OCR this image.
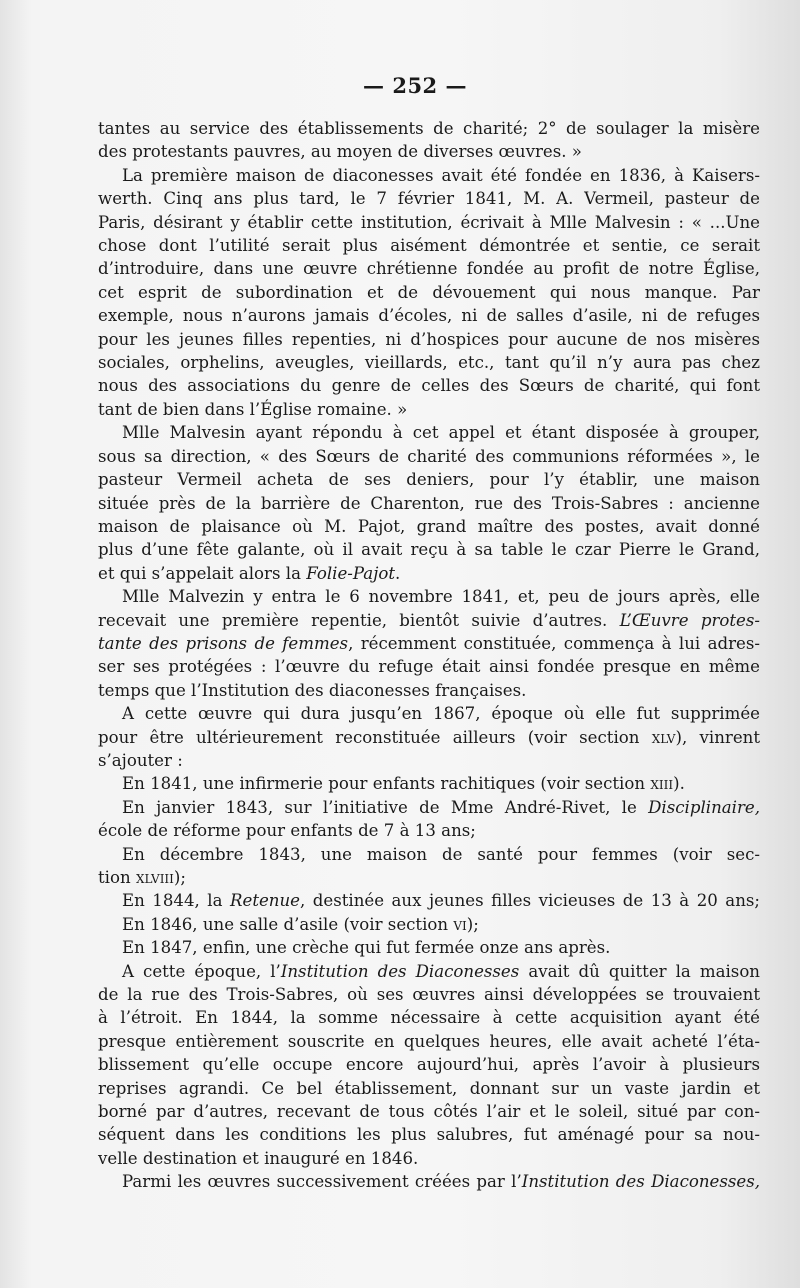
— 252 —
tantes au service des établissements de charité; 2° de soulager la misère
des protestants pauvres, au moyen de diverses œuvres. »
La première maison de diaconesses avait été fondée en 1836, à Kaisers-
werth. Cinq ans plus tard, le 7 février 1841, M. A. Vermeil, pasteur de
Paris, désirant y établir cette institution, écrivait à Mlle Malvesin : « ...Une
chose dont l’utilité serait plus aisément démontrée et sentie, ce serait
d’introduire, dans une œuvre chrétienne fondée au profit de notre Église,
cet esprit de subordination et de dévouement qui nous manque. Par
exemple, nous n’aurons jamais d’écoles, ni de salles d’asile, ni de refuges
pour les jeunes filles repenties, ni d’hospices pour aucune de nos misères
sociales, orphelins, aveugles, vieillards, etc., tant qu’il n’y aura pas chez
nous des associations du genre de celles des Sœurs de charité, qui font
tant de bien dans l’Église romaine. »
Mlle Malvesin ayant répondu à cet appel et étant disposée à grouper,
sous sa direction, « des Sœurs de charité des communions réformées », le
pasteur Vermeil acheta de ses deniers, pour l’y établir, une maison
située près de la barrière de Charenton, rue des Trois-Sabres : ancienne
maison de plaisance où M. Pajot, grand maître des postes, avait donné
plus d’une fête galante, où il avait reçu à sa table le czar Pierre le Grand,
et qui s’appelait alors la Folie-Pajot.
Mlle Malvezin y entra le 6 novembre 1841, et, peu de jours après, elle
recevait une première repentie, bientôt suivie d’autres. L’Œuvre protes-
tante des prisons de femmes, récemment constituée, commença à lui adres-
ser ses protégées : l’œuvre du refuge était ainsi fondée presque en même
temps que l’Institution des diaconesses françaises.
A cette œuvre qui dura jusqu’en 1867, époque où elle fut supprimée
pour être ultérieurement reconstituée ailleurs (voir section xlv), vinrent
s’ajouter :
En 1841, une infirmerie pour enfants rachitiques (voir section xiii).
En janvier 1843, sur l’initiative de Mme André-Rivet, le Disciplinaire,
école de réforme pour enfants de 7 à 13 ans;
En décembre 1843, une maison de santé pour femmes (voir sec-
tion xlviii);
En 1844, la Retenue, destinée aux jeunes filles vicieuses de 13 à 20 ans;
En 1846, une salle d’asile (voir section vi);
En 1847, enfin, une crèche qui fut fermée onze ans après.
A cette époque, l’Institution des Diaconesses avait dû quitter la maison
de la rue des Trois-Sabres, où ses œuvres ainsi développées se trouvaient
à l’étroit. En 1844, la somme nécessaire à cette acquisition ayant été
presque entièrement souscrite en quelques heures, elle avait acheté l’éta-
blissement qu’elle occupe encore aujourd’hui, après l’avoir à plusieurs
reprises agrandi. Ce bel établissement, donnant sur un vaste jardin et
borné par d’autres, recevant de tous côtés l’air et le soleil, situé par con-
séquent dans les conditions les plus salubres, fut aménagé pour sa nou-
velle destination et inauguré en 1846.
Parmi les œuvres successivement créées par l’Institution des Diaconesses,
